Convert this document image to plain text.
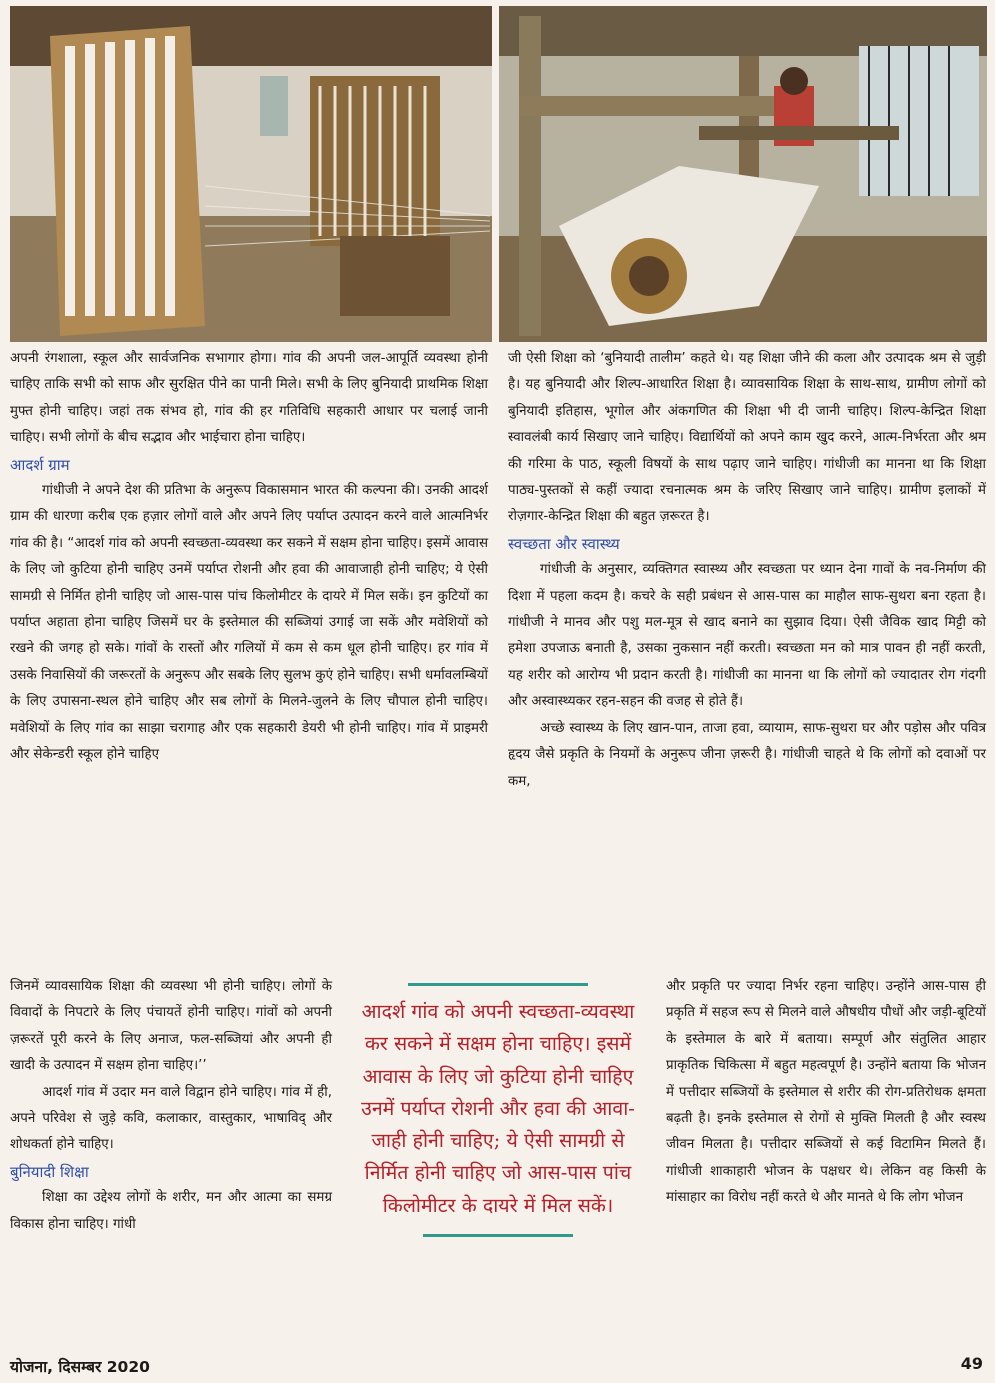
अपनी रंगशाला, स्कूल और सार्वजनिक सभागार होगा। गांव की अपनी जल-आपूर्ति व्यवस्था होनी चाहिए ताकि सभी को साफ और सुरक्षित पीने का पानी मिले। सभी के लिए बुनियादी प्राथमिक शिक्षा मुफ्त होनी चाहिए। जहां तक संभव हो, गांव की हर गतिविधि सहकारी आधार पर चलाई जानी चाहिए। सभी लोगों के बीच सद्भाव और भाईचारा होना चाहिए।

आदर्श ग्राम

गांधीजी ने अपने देश की प्रतिभा के अनुरूप विकासमान भारत की कल्पना की। उनकी आदर्श ग्राम की धारणा करीब एक हज़ार लोगों वाले और अपने लिए पर्याप्त उत्पादन करने वाले आत्मनिर्भर गांव की है। “आदर्श गांव को अपनी स्वच्छता-व्यवस्था कर सकने में सक्षम होना चाहिए। इसमें आवास के लिए जो कुटिया होनी चाहिए उनमें पर्याप्त रोशनी और हवा की आवाजाही होनी चाहिए; ये ऐसी सामग्री से निर्मित होनी चाहिए जो आस-पास पांच किलोमीटर के दायरे में मिल सकें। इन कुटियों का पर्याप्त अहाता होना चाहिए जिसमें घर के इस्तेमाल की सब्जियां उगाई जा सकें और मवेशियों को रखने की जगह हो सके। गांवों के रास्तों और गलियों में कम से कम धूल होनी चाहिए। हर गांव में उसके निवासियों की जरूरतों के अनुरूप और सबके लिए सुलभ कुएं होने चाहिए। सभी धर्मावलम्बियों के लिए उपासना-स्थल होने चाहिए और सब लोगों के मिलने-जुलने के लिए चौपाल होनी चाहिए। मवेशियों के लिए गांव का साझा चरागाह और एक सहकारी डेयरी भी होनी चाहिए। गांव में प्राइमरी और सेकेन्डरी स्कूल होने चाहिए

जिनमें व्यावसायिक शिक्षा की व्यवस्था भी होनी चाहिए। लोगों के विवादों के निपटारे के लिए पंचायतें होनी चाहिए। गांवों को अपनी ज़रूरतें पूरी करने के लिए अनाज, फल-सब्जियां और अपनी ही खादी के उत्पादन में सक्षम होना चाहिए।’’

आदर्श गांव में उदार मन वाले विद्वान होने चाहिए। गांव में ही, अपने परिवेश से जुड़े कवि, कलाकार, वास्तुकार, भाषाविद् और शोधकर्ता होने चाहिए।

बुनियादी शिक्षा

शिक्षा का उद्देश्य लोगों के शरीर, मन और आत्मा का समग्र विकास होना चाहिए। गांधी

जी ऐसी शिक्षा को ‘बुनियादी तालीम’ कहते थे। यह शिक्षा जीने की कला और उत्पादक श्रम से जुड़ी है। यह बुनियादी और शिल्प-आधारित शिक्षा है। व्यावसायिक शिक्षा के साथ-साथ, ग्रामीण लोगों को बुनियादी इतिहास, भूगोल और अंकगणित की शिक्षा भी दी जानी चाहिए। शिल्प-केन्द्रित शिक्षा स्वावलंबी कार्य सिखाए जाने चाहिए। विद्यार्थियों को अपने काम खुद करने, आत्म-निर्भरता और श्रम की गरिमा के पाठ, स्कूली विषयों के साथ पढ़ाए जाने चाहिए। गांधीजी का मानना था कि शिक्षा पाठ्य-पुस्तकों से कहीं ज्यादा रचनात्मक श्रम के जरिए सिखाए जाने चाहिए। ग्रामीण इलाकों में रोज़गार-केन्द्रित शिक्षा की बहुत ज़रूरत है।

स्वच्छता और स्वास्थ्य

गांधीजी के अनुसार, व्यक्तिगत स्वास्थ्य और स्वच्छता पर ध्यान देना गावों के नव-निर्माण की दिशा में पहला कदम है। कचरे के सही प्रबंधन से आस-पास का माहौल साफ-सुथरा बना रहता है। गांधीजी ने मानव और पशु मल-मूत्र से खाद बनाने का सुझाव दिया। ऐसी जैविक खाद मिट्टी को हमेशा उपजाऊ बनाती है, उसका नुकसान नहीं करती। स्वच्छता मन को मात्र पावन ही नहीं करती, यह शरीर को आरोग्य भी प्रदान करती है। गांधीजी का मानना था कि लोगों को ज्यादातर रोग गंदगी और अस्वास्थ्यकर रहन-सहन की वजह से होते हैं।

अच्छे स्वास्थ्य के लिए खान-पान, ताजा हवा, व्यायाम, साफ-सुथरा घर और पड़ोस और पवित्र हृदय जैसे प्रकृति के नियमों के अनुरूप जीना ज़रूरी है। गांधीजी चाहते थे कि लोगों को दवाओं पर कम,

और प्रकृति पर ज्यादा निर्भर रहना चाहिए। उन्होंने आस-पास ही प्रकृति में सहज रूप से मिलने वाले औषधीय पौधों और जड़ी-बूटियों के इस्तेमाल के बारे में बताया। सम्पूर्ण और संतुलित आहार प्राकृतिक चिकित्सा में बहुत महत्वपूर्ण है। उन्होंने बताया कि भोजन में पत्तीदार सब्जियों के इस्तेमाल से शरीर की रोग-प्रतिरोधक क्षमता बढ़ती है। इनके इस्तेमाल से रोगों से मुक्ति मिलती है और स्वस्थ जीवन मिलता है। पत्तीदार सब्जियों से कई विटामिन मिलते हैं। गांधीजी शाकाहारी भोजन के पक्षधर थे। लेकिन वह किसी के मांसाहार का विरोध नहीं करते थे और मानते थे कि लोग भोजन

आदर्श गांव को अपनी स्वच्छता-व्यवस्था कर सकने में सक्षम होना चाहिए। इसमें आवास के लिए जो कुटिया होनी चाहिए उनमें पर्याप्त रोशनी और हवा की आवा-जाही होनी चाहिए; ये ऐसी सामग्री से निर्मित होनी चाहिए जो आस-पास पांच किलोमीटर के दायरे में मिल सकें।

योजना, दिसम्बर 2020	49
